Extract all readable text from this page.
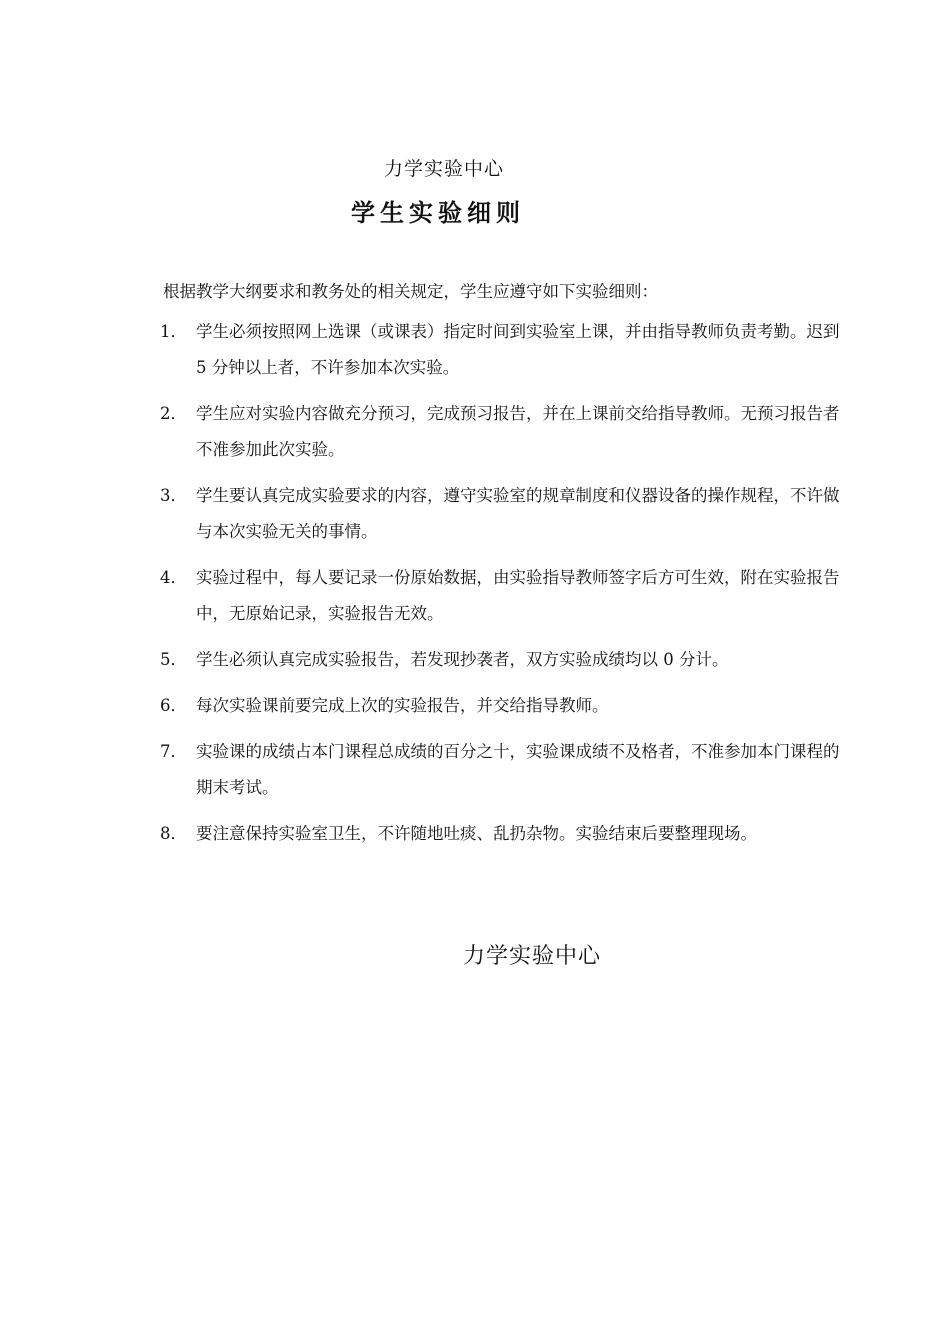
力学实验中心
学生实验细则
根据教学大纲要求和教务处的相关规定，学生应遵守如下实验细则：
1． 学生必须按照网上选课（或课表）指定时间到实验室上课，并由指导教师负责考勤。迟到 5 分钟以上者，不许参加本次实验。
2． 学生应对实验内容做充分预习，完成预习报告，并在上课前交给指导教师。无预习报告者不准参加此次实验。
3． 学生要认真完成实验要求的内容，遵守实验室的规章制度和仪器设备的操作规程，不许做与本次实验无关的事情。
4． 实验过程中，每人要记录一份原始数据，由实验指导教师签字后方可生效，附在实验报告中，无原始记录，实验报告无效。
5． 学生必须认真完成实验报告，若发现抄袭者，双方实验成绩均以 0 分计。
6． 每次实验课前要完成上次的实验报告，并交给指导教师。
7． 实验课的成绩占本门课程总成绩的百分之十，实验课成绩不及格者，不准参加本门课程的期末考试。
8． 要注意保持实验室卫生，不许随地吐痰、乱扔杂物。实验结束后要整理现场。
力学实验中心
